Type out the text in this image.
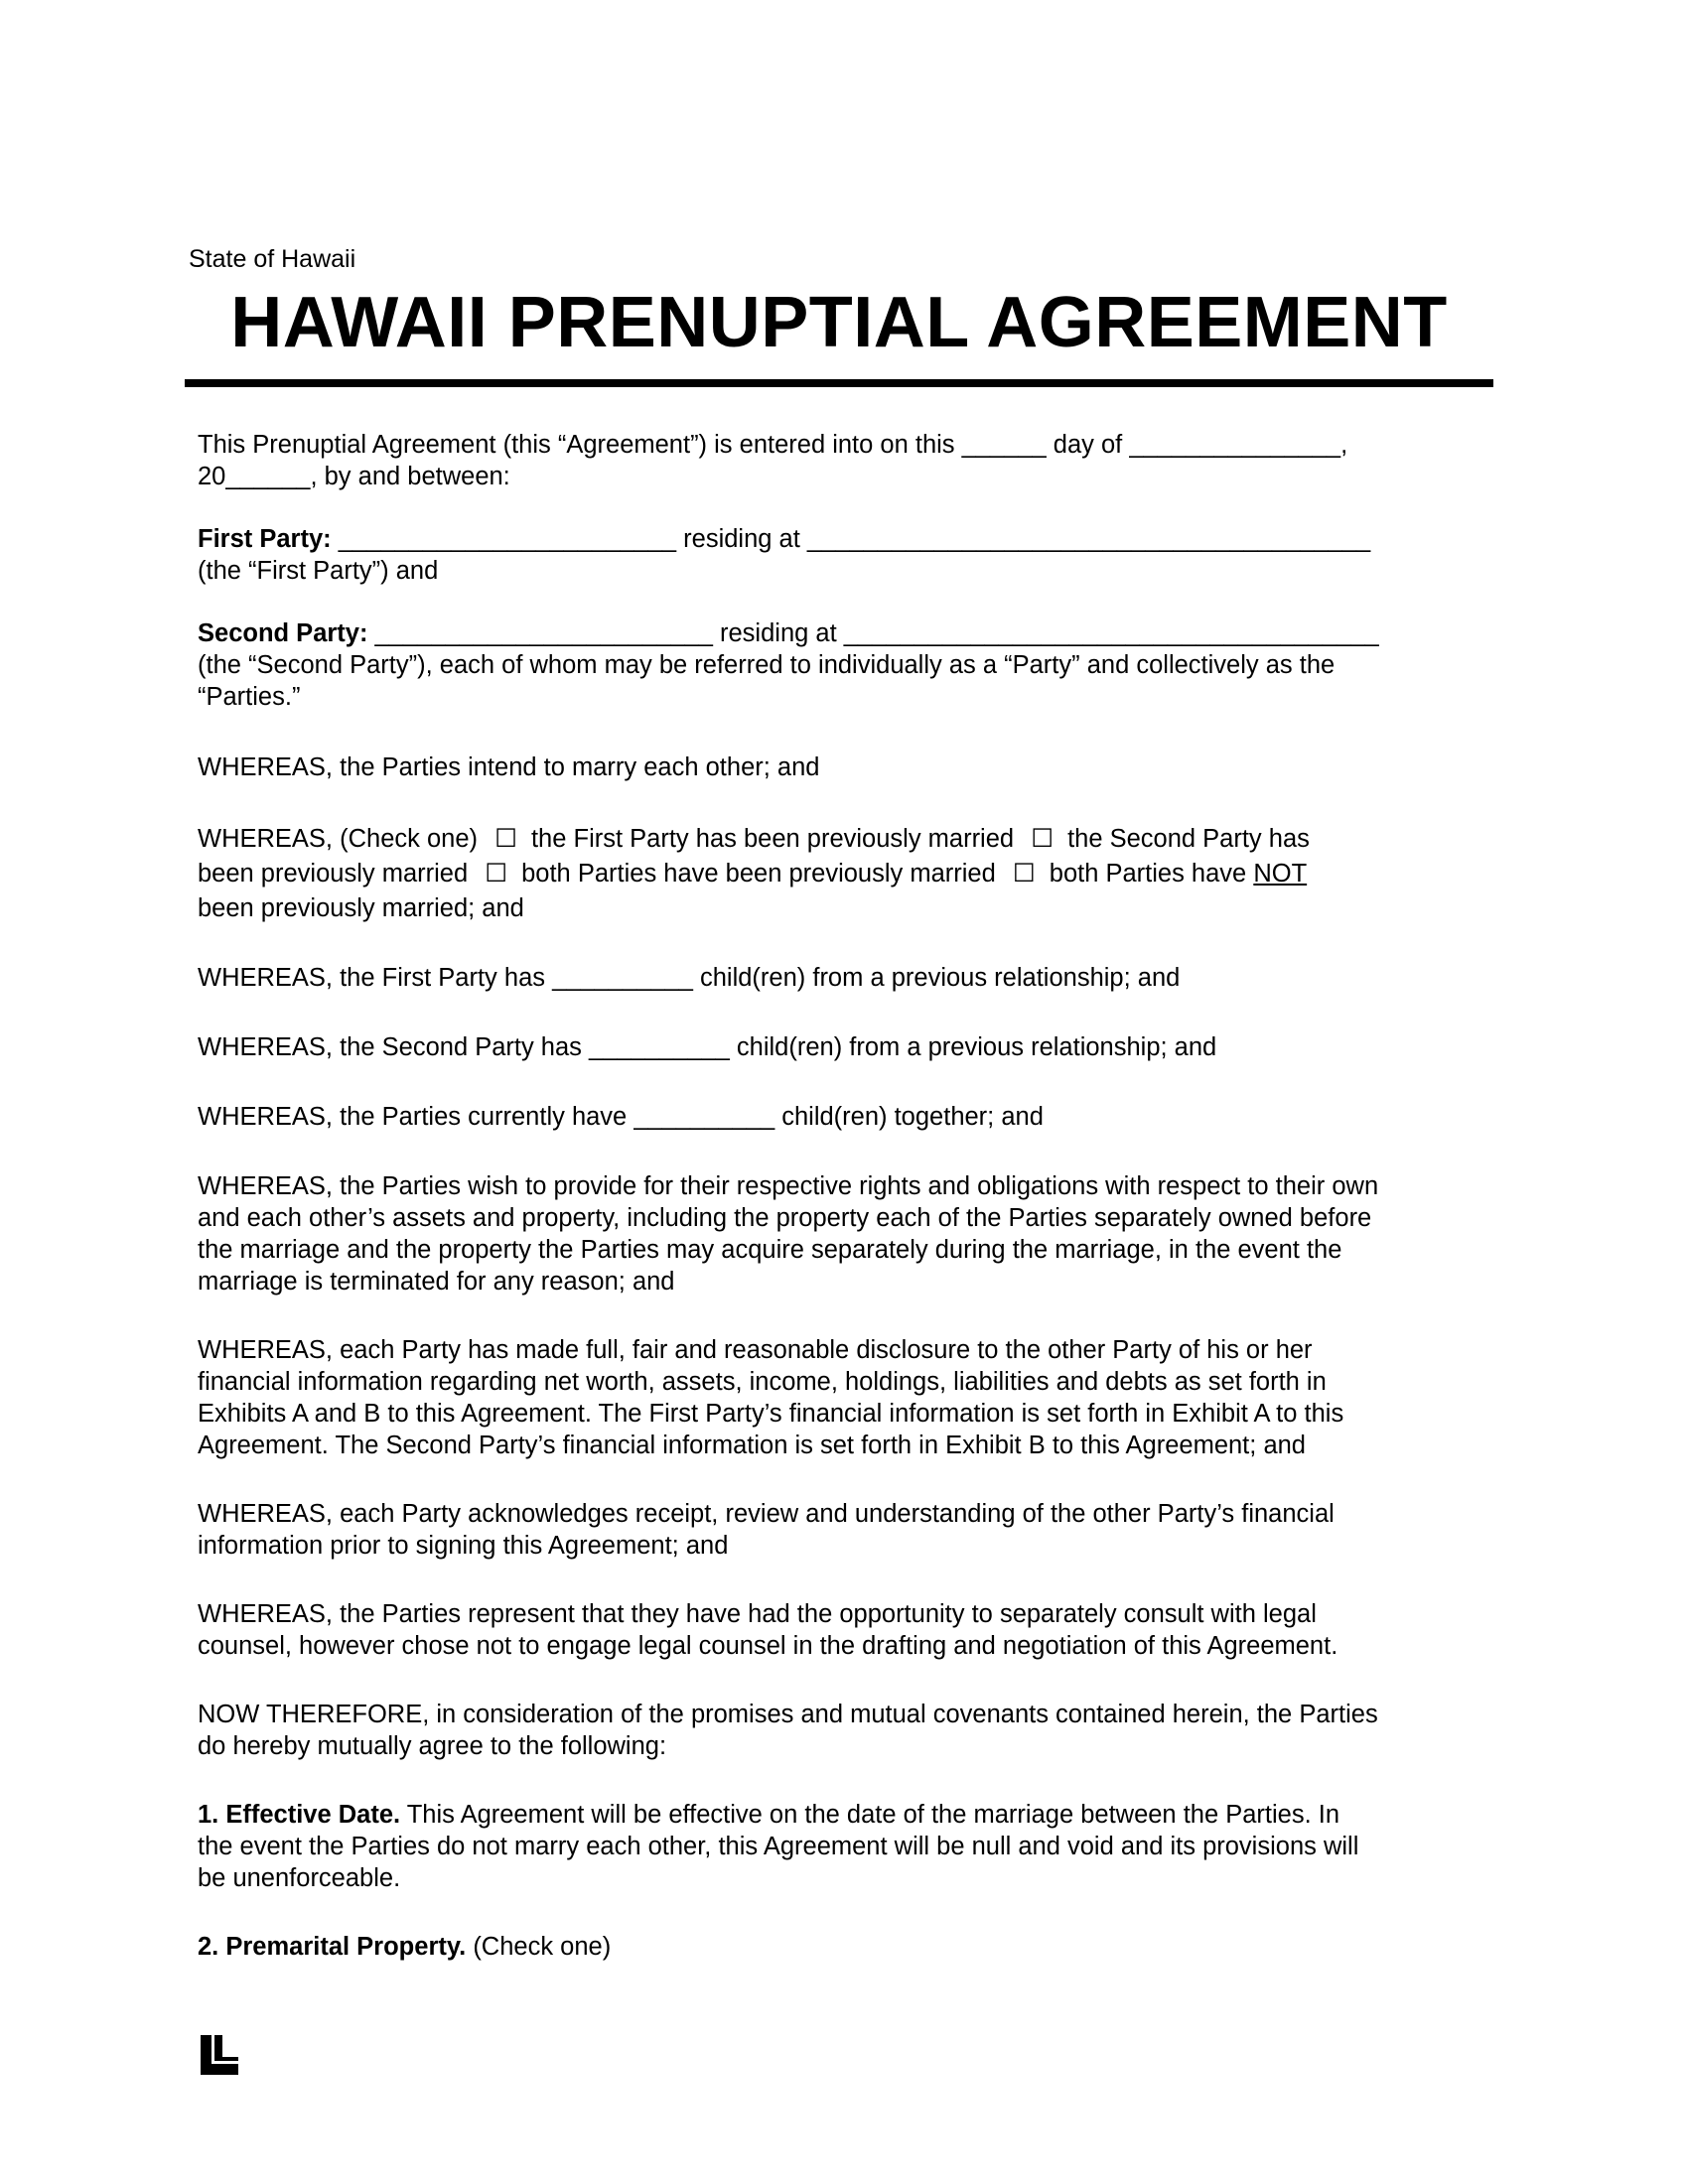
State of Hawaii
HAWAII PRENUPTIAL AGREEMENT

This Prenuptial Agreement (this “Agreement”) is entered into on this ______ day of _______________,
20______, by and between:

First Party: ________________________ residing at ________________________________________
(the “First Party”) and

Second Party: ________________________ residing at ______________________________________
(the “Second Party”), each of whom may be referred to individually as a “Party” and collectively as the
“Parties.”

WHEREAS, the Parties intend to marry each other; and

WHEREAS, (Check one) ☐ the First Party has been previously married ☐ the Second Party has
been previously married ☐ both Parties have been previously married ☐ both Parties have NOT
been previously married; and

WHEREAS, the First Party has __________ child(ren) from a previous relationship; and

WHEREAS, the Second Party has __________ child(ren) from a previous relationship; and

WHEREAS, the Parties currently have __________ child(ren) together; and

WHEREAS, the Parties wish to provide for their respective rights and obligations with respect to their own
and each other’s assets and property, including the property each of the Parties separately owned before
the marriage and the property the Parties may acquire separately during the marriage, in the event the
marriage is terminated for any reason; and

WHEREAS, each Party has made full, fair and reasonable disclosure to the other Party of his or her
financial information regarding net worth, assets, income, holdings, liabilities and debts as set forth in
Exhibits A and B to this Agreement. The First Party’s financial information is set forth in Exhibit A to this
Agreement. The Second Party’s financial information is set forth in Exhibit B to this Agreement; and

WHEREAS, each Party acknowledges receipt, review and understanding of the other Party’s financial
information prior to signing this Agreement; and

WHEREAS, the Parties represent that they have had the opportunity to separately consult with legal
counsel, however chose not to engage legal counsel in the drafting and negotiation of this Agreement.

NOW THEREFORE, in consideration of the promises and mutual covenants contained herein, the Parties
do hereby mutually agree to the following:

1. Effective Date. This Agreement will be effective on the date of the marriage between the Parties. In
the event the Parties do not marry each other, this Agreement will be null and void and its provisions will
be unenforceable.

2. Premarital Property. (Check one)
